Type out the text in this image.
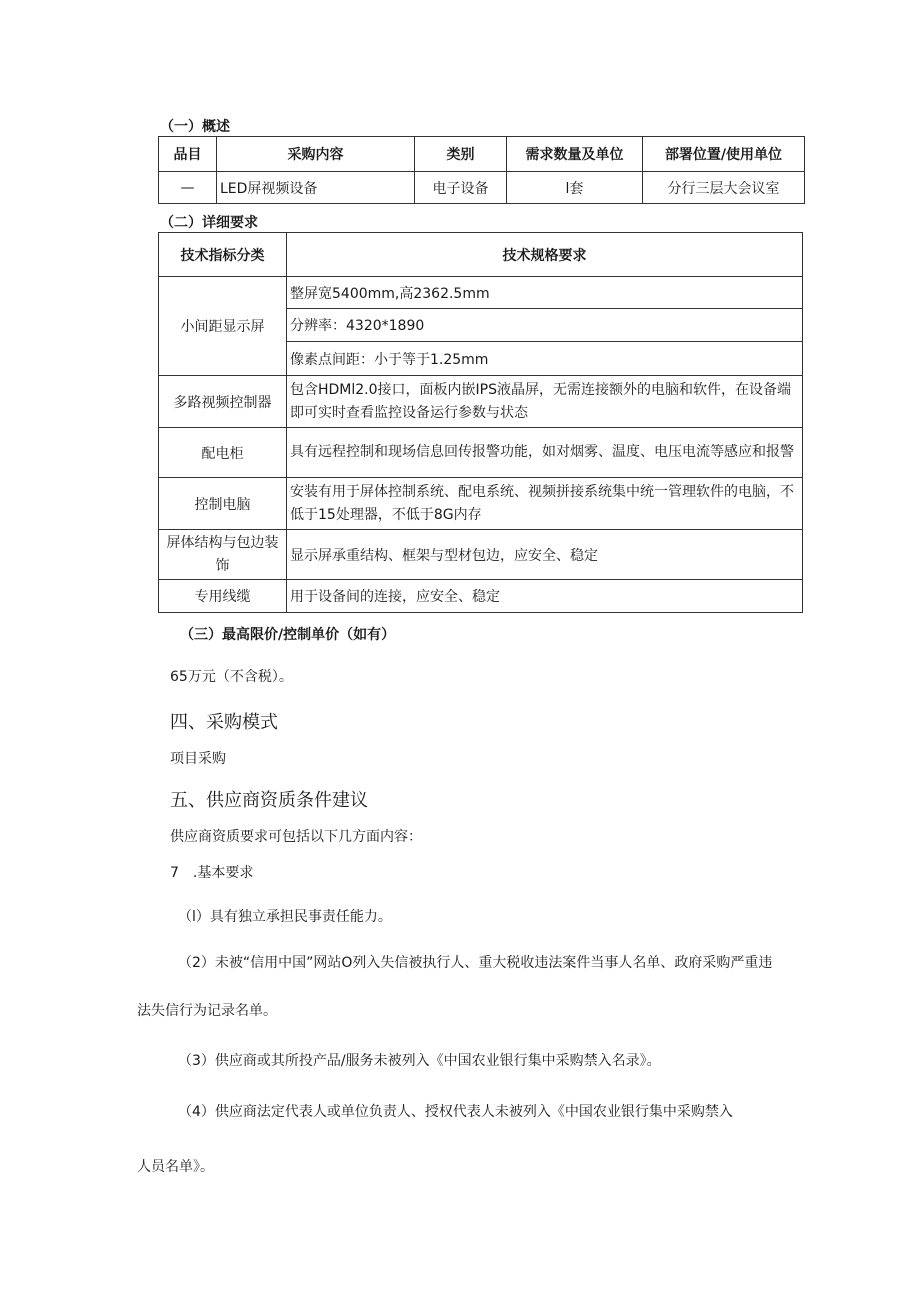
（一）概述
品目	采购内容	类别	需求数量及单位	部署位置/使用单位
—	LED屏视频设备	电子设备	l套	分行三层大会议室
（二）详细要求
技术指标分类	技术规格要求
小间距显示屏	整屏宽5400mm,高2362.5mm
	分辨率：4320*1890
	像素点间距：小于等于1.25mm
多路视频控制器	包含HDMl2.0接口，面板内嵌IPS液晶屏，无需连接额外的电脑和软件，在设备端即可实时查看监控设备运行参数与状态
配电柜	具有远程控制和现场信息回传报警功能，如对烟雾、温度、电压电流等感应和报警
控制电脑	安装有用于屏体控制系统、配电系统、视频拼接系统集中统一管理软件的电脑，不低于15处理器，不低于8G内存
屏体结构与包边装饰	显示屏承重结构、框架与型材包边，应安全、稳定
专用线缆	用于设备间的连接，应安全、稳定
（三）最高限价/控制单价（如有）
65万元（不含税）。
四、采购模式
项目采购
五、供应商资质条件建议
供应商资质要求可包括以下几方面内容：
7　.基本要求
（l）具有独立承担民事责任能力。
（2）未被“信用中国”网站O列入失信被执行人、重大税收违法案件当事人名单、政府采购严重违
法失信行为记录名单。
（3）供应商或其所投产品/服务未被列入《中国农业银行集中采购禁入名录》。
（4）供应商法定代表人或单位负责人、授权代表人未被列入《中国农业银行集中采购禁入
人员名单》。
